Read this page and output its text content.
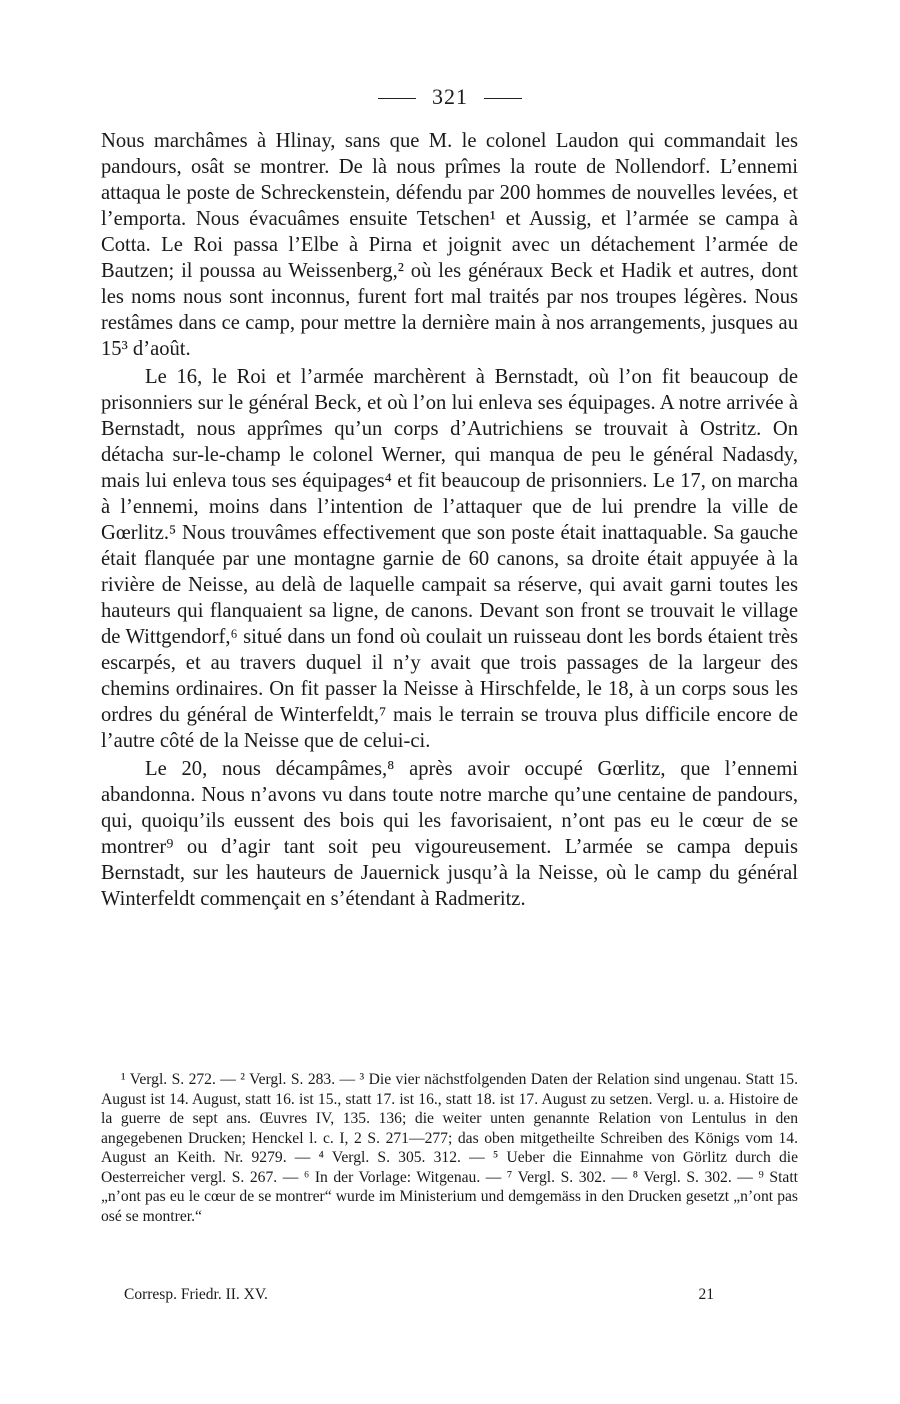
321

Nous marchâmes à Hlinay, sans que M. le colonel Laudon qui commandait les pandours, osât se montrer. De là nous prîmes la route de Nollendorf. L’ennemi attaqua le poste de Schreckenstein, défendu par 200 hommes de nouvelles levées, et l’emporta. Nous évacuâmes ensuite Tetschen¹ et Aussig, et l’armée se campa à Cotta. Le Roi passa l’Elbe à Pirna et joignit avec un détachement l’armée de Bautzen; il poussa au Weissenberg,² où les généraux Beck et Hadik et autres, dont les noms nous sont inconnus, furent fort mal traités par nos troupes légères. Nous restâmes dans ce camp, pour mettre la dernière main à nos arrangements, jusques au 15³ d’août.

Le 16, le Roi et l’armée marchèrent à Bernstadt, où l’on fit beaucoup de prisonniers sur le général Beck, et où l’on lui enleva ses équipages. A notre arrivée à Bernstadt, nous apprîmes qu’un corps d’Autrichiens se trouvait à Ostritz. On détacha sur-le-champ le colonel Werner, qui manqua de peu le général Nadasdy, mais lui enleva tous ses équipages⁴ et fit beaucoup de prisonniers. Le 17, on marcha à l’ennemi, moins dans l’intention de l’attaquer que de lui prendre la ville de Gœrlitz.⁵ Nous trouvâmes effectivement que son poste était inattaquable. Sa gauche était flanquée par une montagne garnie de 60 canons, sa droite était appuyée à la rivière de Neisse, au delà de laquelle campait sa réserve, qui avait garni toutes les hauteurs qui flanquaient sa ligne, de canons. Devant son front se trouvait le village de Wittgendorf,⁶ situé dans un fond où coulait un ruisseau dont les bords étaient très escarpés, et au travers duquel il n’y avait que trois passages de la largeur des chemins ordinaires. On fit passer la Neisse à Hirschfelde, le 18, à un corps sous les ordres du général de Winterfeldt,⁷ mais le terrain se trouva plus difficile encore de l’autre côté de la Neisse que de celui-ci.

Le 20, nous décampâmes,⁸ après avoir occupé Gœrlitz, que l’ennemi abandonna. Nous n’avons vu dans toute notre marche qu’une centaine de pandours, qui, quoiqu’ils eussent des bois qui les favorisaient, n’ont pas eu le cœur de se montrer⁹ ou d’agir tant soit peu vigoureusement. L’armée se campa depuis Bernstadt, sur les hauteurs de Jauernick jusqu’à la Neisse, où le camp du général Winterfeldt commençait en s’étendant à Radmeritz.

¹ Vergl. S. 272. — ² Vergl. S. 283. — ³ Die vier nächstfolgenden Daten der Relation sind ungenau. Statt 15. August ist 14. August, statt 16. ist 15., statt 17. ist 16., statt 18. ist 17. August zu setzen. Vergl. u. a. Histoire de la guerre de sept ans. Œuvres IV, 135. 136; die weiter unten genannte Relation von Lentulus in den angegebenen Drucken; Henckel l. c. I, 2 S. 271—277; das oben mitgetheilte Schreiben des Königs vom 14. August an Keith. Nr. 9279. — ⁴ Vergl. S. 305. 312. — ⁵ Ueber die Einnahme von Görlitz durch die Oesterreicher vergl. S. 267. — ⁶ In der Vorlage: Witgenau. — ⁷ Vergl. S. 302. — ⁸ Vergl. S. 302. — ⁹ Statt „n’ont pas eu le cœur de se montrer“ wurde im Ministerium und demgemäss in den Drucken gesetzt „n’ont pas osé se montrer.“

Corresp. Friedr. II. XV.	21
